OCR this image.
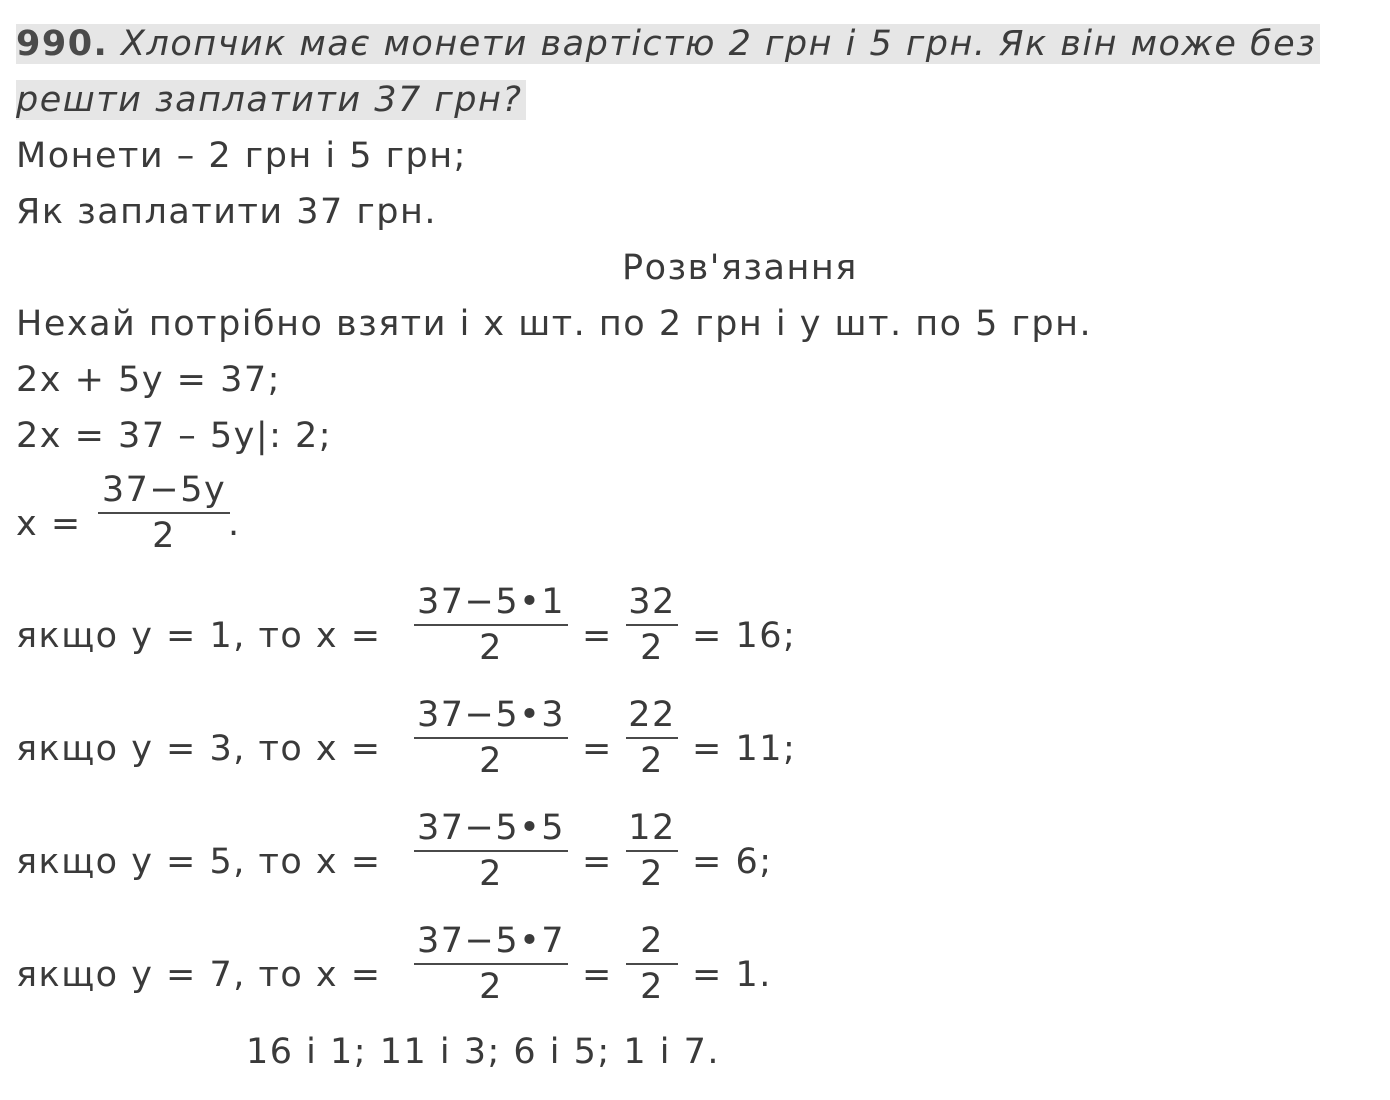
990. Хлопчик має монети вартістю 2 грн і 5 грн. Як він може без
решти заплатити 37 грн?
Монети – 2 грн і 5 грн;
Як заплатити 37 грн.
Розв'язання
Нехай потрібно взяти і x шт. по 2 грн і y шт. по 5 грн.
2x + 5y = 37;
2x = 37 – 5y|: 2;
x =
37−5y
2	.
якщо y = 1, то x =
37−5•1
2	=
32
2 = 16;
якщо y = 3, то x =
37−5•3
2	=
22
2 = 11;
якщо y = 5, то x =
37−5•5
2	=
12
2 = 6;
якщо y = 7, то x =
37−5•7
2	=
2
2 = 1.
16 і 1; 11 і 3; 6 і 5; 1 і 7.
